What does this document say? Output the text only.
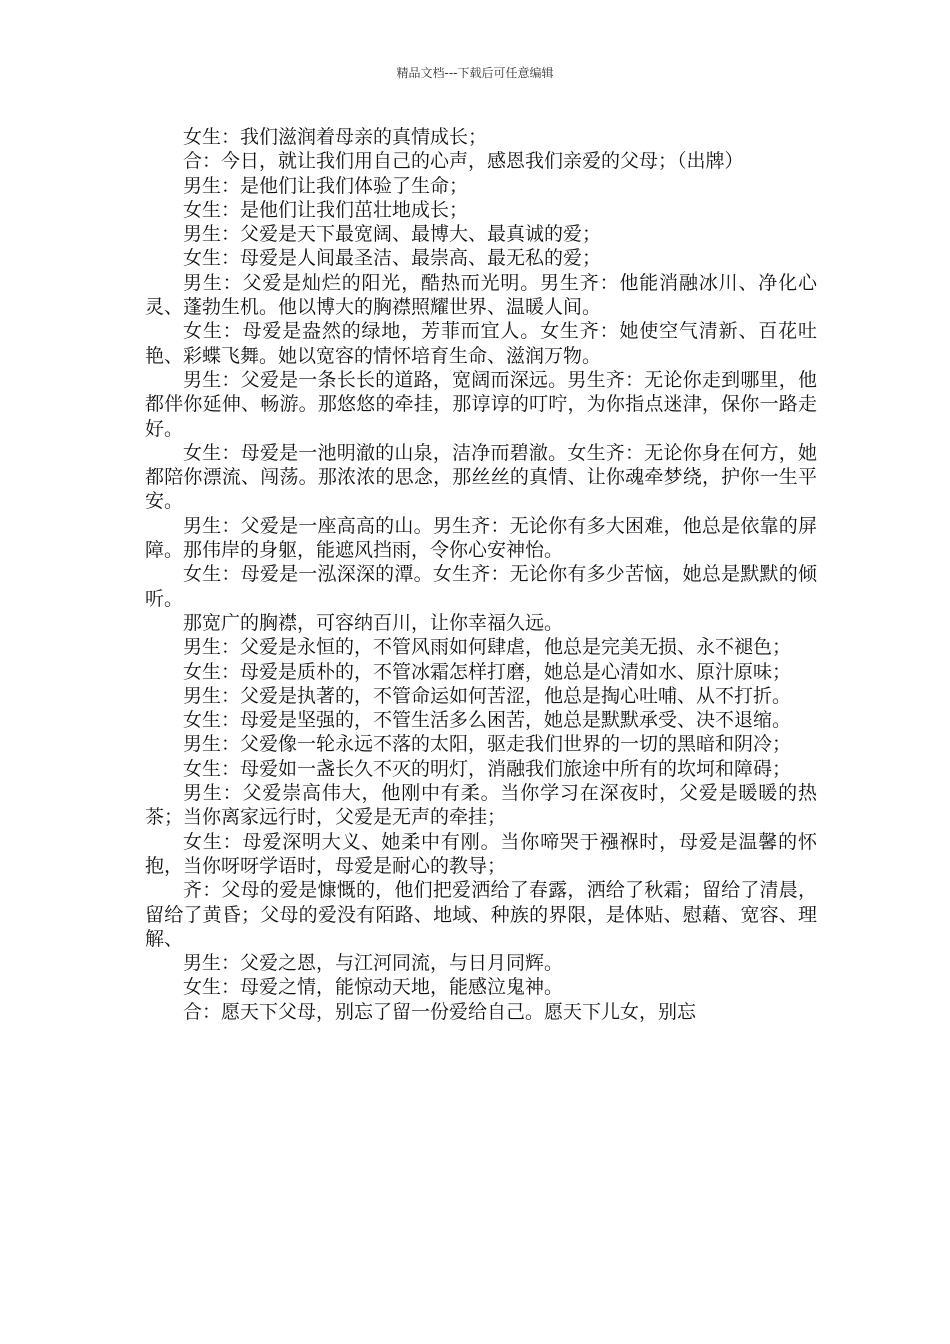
精品文档---下载后可任意编辑

女生：我们滋润着母亲的真情成长；

合：今日，就让我们用自己的心声，感恩我们亲爱的父母；（出牌）

男生：是他们让我们体验了生命；

女生：是他们让我们茁壮地成长；

男生：父爱是天下最宽阔、最博大、最真诚的爱；

女生：母爱是人间最圣洁、最崇高、最无私的爱；

男生：父爱是灿烂的阳光，酷热而光明。男生齐：他能消融冰川、净化心灵、蓬勃生机。他以博大的胸襟照耀世界、温暖人间。

女生：母爱是盎然的绿地，芳菲而宜人。女生齐：她使空气清新、百花吐艳、彩蝶飞舞。她以宽容的情怀培育生命、滋润万物。

男生：父爱是一条长长的道路，宽阔而深远。男生齐：无论你走到哪里，他都伴你延伸、畅游。那悠悠的牵挂，那谆谆的叮咛，为你指点迷津，保你一路走好。

女生：母爱是一池明澈的山泉，洁净而碧澈。女生齐：无论你身在何方，她都陪你漂流、闯荡。那浓浓的思念，那丝丝的真情、让你魂牵梦绕，护你一生平安。

男生：父爱是一座高高的山。男生齐：无论你有多大困难，他总是依靠的屏障。那伟岸的身躯，能遮风挡雨，令你心安神怡。

女生：母爱是一泓深深的潭。女生齐：无论你有多少苦恼，她总是默默的倾听。

那宽广的胸襟，可容纳百川，让你幸福久远。

男生：父爱是永恒的，不管风雨如何肆虐，他总是完美无损、永不褪色；

女生：母爱是质朴的，不管冰霜怎样打磨，她总是心清如水、原汁原味；

男生：父爱是执著的，不管命运如何苦涩，他总是掏心吐哺、从不打折。

女生：母爱是坚强的，不管生活多么困苦，她总是默默承受、决不退缩。

男生：父爱像一轮永远不落的太阳，驱走我们世界的一切的黑暗和阴冷；

女生：母爱如一盏长久不灭的明灯，消融我们旅途中所有的坎坷和障碍；

男生：父爱崇高伟大，他刚中有柔。当你学习在深夜时，父爱是暖暖的热茶；当你离家远行时，父爱是无声的牵挂；

女生：母爱深明大义、她柔中有刚。当你啼哭于襁褓时，母爱是温馨的怀抱，当你呀呀学语时，母爱是耐心的教导；

齐：父母的爱是慷慨的，他们把爱洒给了春露，洒给了秋霜；留给了清晨，留给了黄昏；父母的爱没有陌路、地域、种族的界限，是体贴、慰藉、宽容、理解、

男生：父爱之恩，与江河同流，与日月同辉。

女生：母爱之情，能惊动天地，能感泣鬼神。

合：愿天下父母，别忘了留一份爱给自己。愿天下儿女，别忘
